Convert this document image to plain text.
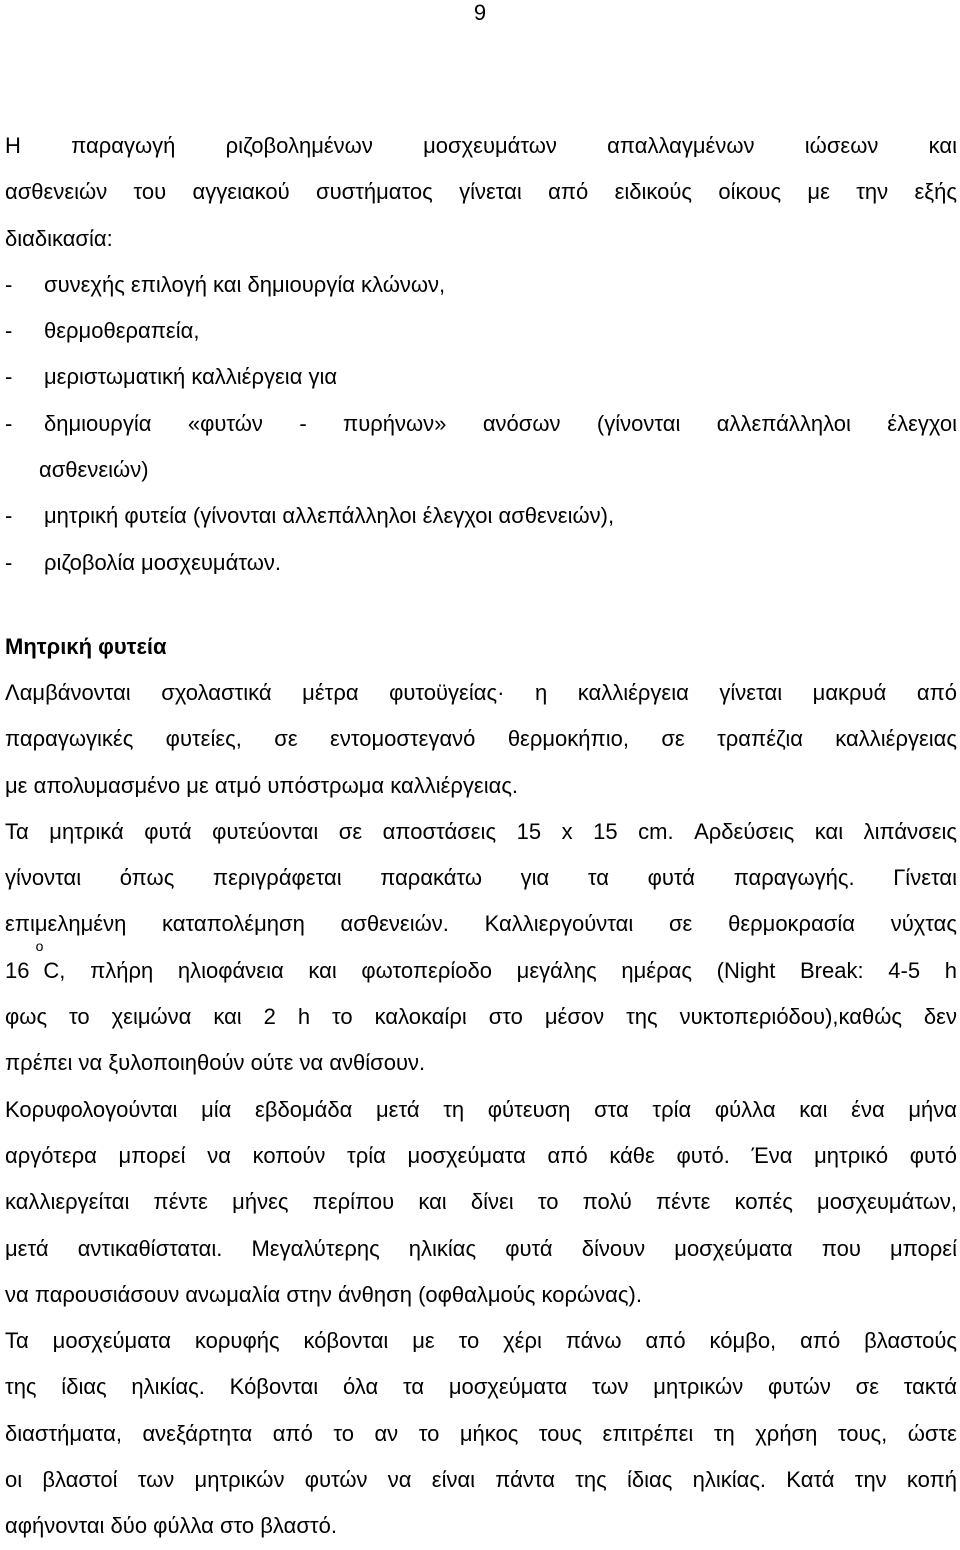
9
Η παραγωγή ριζοβολημένων μοσχευμάτων απαλλαγμένων ιώσεων και
ασθενειών του αγγειακού συστήματος γίνεται από ειδικούς οίκους με την εξής
διαδικασία:
- συνεχής επιλογή και δημιουργία κλώνων,
- θερμοθεραπεία,
- μεριστωματική καλλιέργεια για
-	δημιουργία «φυτών - πυρήνων» ανόσων (γίνονται αλλεπάλληλοι έλεγχοι
ασθενειών)
- μητρική φυτεία (γίνονται αλλεπάλληλοι έλεγχοι ασθενειών),
- ριζοβολία μοσχευμάτων.
Μητρική φυτεία
Λαμβάνονται σχολαστικά μέτρα φυτοϋγείας· η καλλιέργεια γίνεται μακρυά από
παραγωγικές φυτείες, σε εντομοστεγανό θερμοκήπιο, σε τραπέζια καλλιέργειας
με απολυμασμένο με ατμό υπόστρωμα καλλιέργειας.
Τα μητρικά φυτά φυτεύονται σε αποστάσεις 15 x 15 cm. Αρδεύσεις και λιπάνσεις
γίνονται όπως περιγράφεται παρακάτω για τα φυτά παραγωγής. Γίνεται
επιμελημένη καταπολέμηση ασθενειών. Καλλιεργούνται σε θερμοκρασία νύχτας
16
$^o$
C, πλήρη ηλιοφάνεια και φωτοπερίοδο μεγάλης ημέρας (Night Break: 4-5 h
φως το χειμώνα και 2 h το καλοκαίρι στο μέσον της νυκτοπεριόδου),καθώς δεν
πρέπει να ξυλοποιηθούν ούτε να ανθίσουν.
Κορυφολογούνται μία εβδομάδα μετά τη φύτευση στα τρία φύλλα και ένα μήνα
αργότερα μπορεί να κοπούν τρία μοσχεύματα από κάθε φυτό. Ένα μητρικό φυτό
καλλιεργείται πέντε μήνες περίπου και δίνει το πολύ πέντε κοπές μοσχευμάτων,
μετά αντικαθίσταται. Μεγαλύτερης ηλικίας φυτά δίνουν μοσχεύματα που μπορεί
να παρουσιάσουν ανωμαλία στην άνθηση (οφθαλμούς κορώνας).
Τα μοσχεύματα κορυφής κόβονται με το χέρι πάνω από κόμβο, από βλαστούς
της ίδιας ηλικίας. Κόβονται όλα τα μοσχεύματα των μητρικών φυτών σε τακτά
διαστήματα, ανεξάρτητα από το αν το μήκος τους επιτρέπει τη χρήση τους, ώστε
οι βλαστοί των μητρικών φυτών να είναι πάντα της ίδιας ηλικίας. Κατά την κοπή
αφήνονται δύο φύλλα στο βλαστό.
